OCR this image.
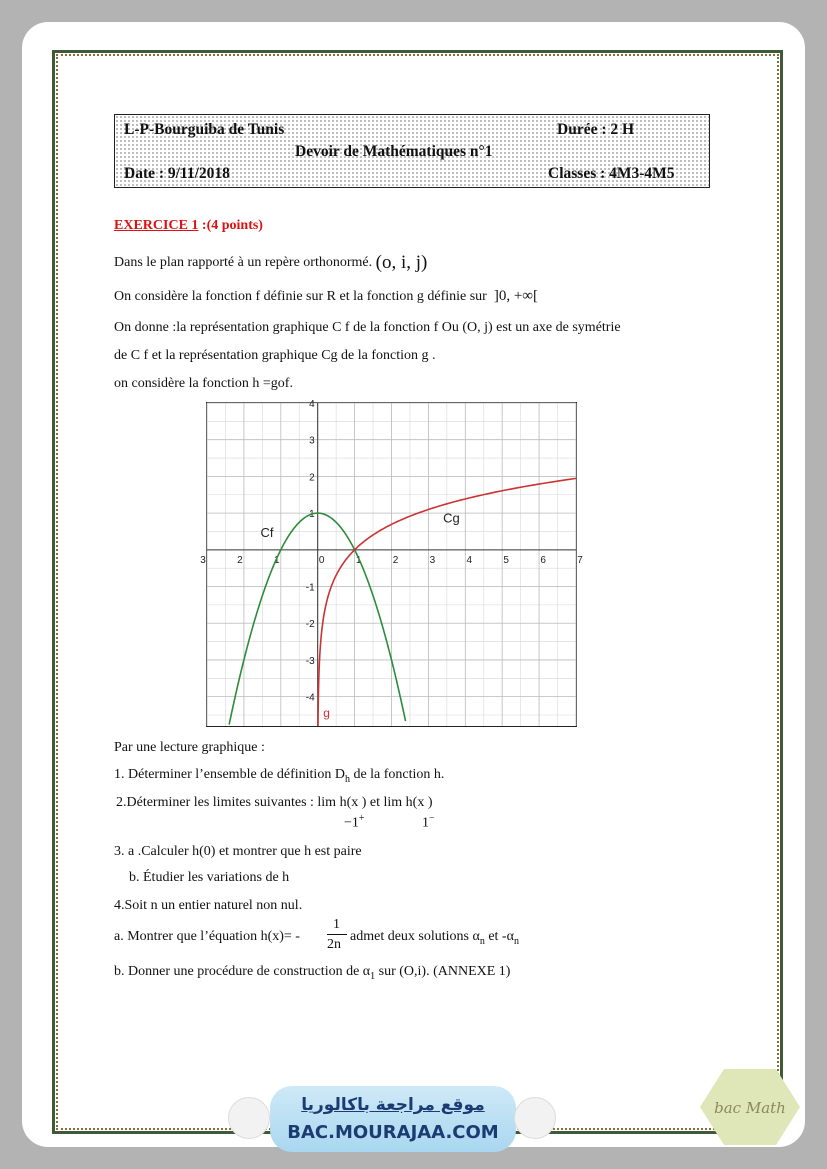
L-P-Bourguiba de Tunis	Durée : 2 H
Devoir de Mathématiques n°1
Date : 9/11/2018	Classes : 4M3-4M5
EXERCICE 1 :(4 points)
Dans le plan rapporté à un repère orthonormé. (o, i, j)
On considère la fonction f définie sur R et la fonction g définie sur ]0, +∞[
On donne :la représentation graphique C f de la fonction f Ou (O, j) est un axe de symétrie
de C f et la représentation graphique Cg de la fonction g .
on considère la fonction h =gof.
3	2	1	0	1	2	3	4	5	6	7
-4
-3
-2
-1
1
2
3
4
Cf
Cg
g
Par une lecture graphique :
1. Déterminer l’ensemble de définition $D_h$ de la fonction h.
2.Déterminer les limites suivantes : lim h(x ) et lim h(x )
−1+	1−
3. a .Calculer h(0) et montrer que h est paire
b. Étudier les variations de h
4.Soit n un entier naturel non nul.
a. Montrer que l’équation h(x)= -
1
2n
admet deux solutions $\alpha_n$ et $-\alpha_n$
b. Donner une procédure de construction de $\alpha_1$ sur (O,i). (ANNEXE 1)
موقع مراجعة باكالوريا
BAC.MOURAJAA.COM
bac Math
